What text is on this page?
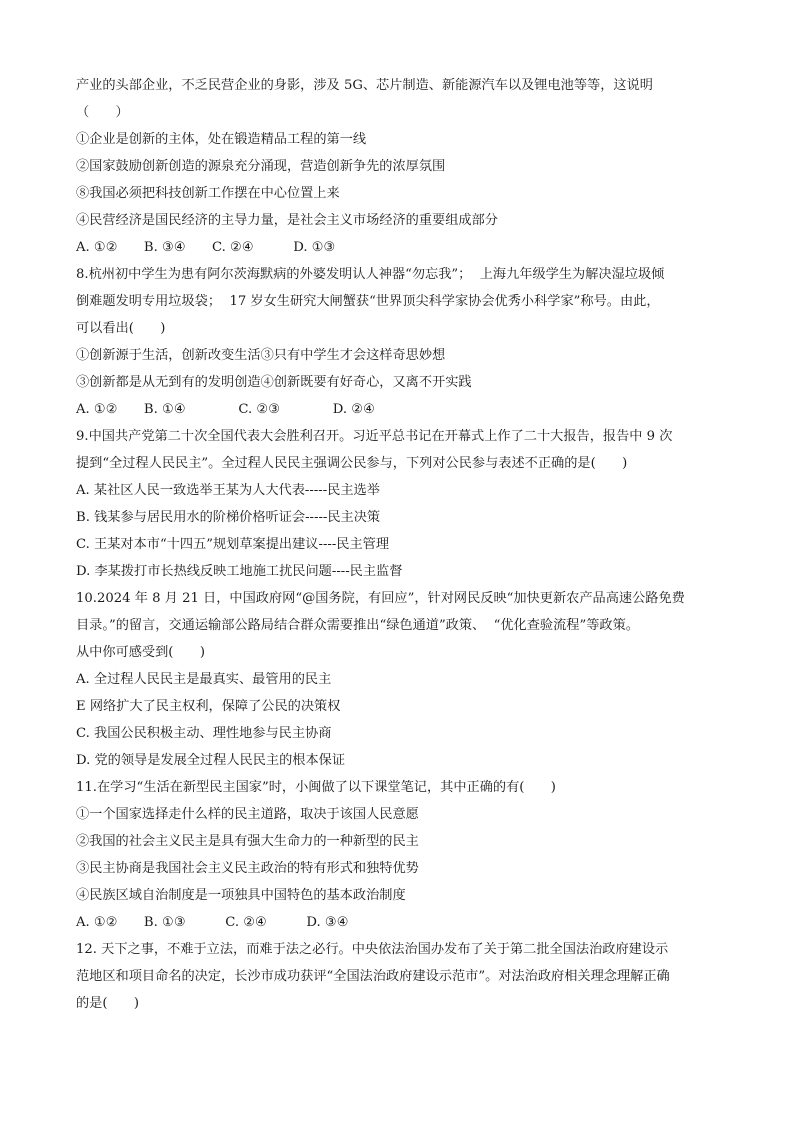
产业的头部企业，不乏民营企业的身影，涉及 5G、芯片制造、新能源汽车以及锂电池等等，这说明
（　　）
①企业是创新的主体，处在锻造精品工程的第一线
②国家鼓励创新创造的源泉充分涌现，营造创新争先的浓厚氛围
⑧我国必须把科技创新工作摆在中心位置上来
④民营经济是国民经济的主导力量，是社会主义市场经济的重要组成部分
A. ①②　　B. ③④　　C. ②④　　　D. ①③
8.杭州初中学生为患有阿尔茨海默病的外婆发明认人神器“勿忘我”；  上海九年级学生为解决湿垃圾倾
倒难题发明专用垃圾袋；  17 岁女生研究大闸蟹获“世界顶尖科学家协会优秀小科学家”称号。由此，
可以看出(　　)
①创新源于生活，创新改变生活③只有中学生才会这样奇思妙想
③创新都是从无到有的发明创造④创新既要有好奇心，又离不开实践
A. ①②　　B. ①④　　　　C. ②③　　　　D. ②④
9.中国共产党第二十次全国代表大会胜利召开。习近平总书记在开幕式上作了二十大报告，报告中 9 次
提到“全过程人民民主”。全过程人民民主强调公民参与，下列对公民参与表述不正确的是(　　)
A. 某社区人民一致选举王某为人大代表-----民主选举
B. 钱某参与居民用水的阶梯价格听证会-----民主决策
C. 王某对本市“十四五”规划草案提出建议----民主管理
D. 李某拨打市长热线反映工地施工扰民问题----民主监督
10.2024 年 8 月 21 日，中国政府网“@国务院，有回应”，针对网民反映“加快更新农产品高速公路免费
目录。”的留言，交通运输部公路局结合群众需要推出“绿色通道”政策、  “优化查验流程”等政策。
从中你可感受到(　　)
A. 全过程人民民主是最真实、最管用的民主
E 网络扩大了民主权利，保障了公民的决策权
C. 我国公民积极主动、理性地参与民主协商
D. 党的领导是发展全过程人民民主的根本保证
11.在学习“生活在新型民主国家”时，小闽做了以下课堂笔记，其中正确的有(　　)
①一个国家选择走什么样的民主道路，取决于该国人民意愿
②我国的社会主义民主是具有强大生命力的一种新型的民主
③民主协商是我国社会主义民主政治的特有形式和独特优势
④民族区域自治制度是一项独具中国特色的基本政治制度
A. ①②　　B. ①③　　　C. ②④　　　D. ③④
12. 天下之事，不难于立法，而难于法之必行。中央依法治国办发布了关于第二批全国法治政府建设示
范地区和项目命名的决定，长沙市成功获评“全国法治政府建设示范市”。对法治政府相关理念理解正确
的是(　　)
